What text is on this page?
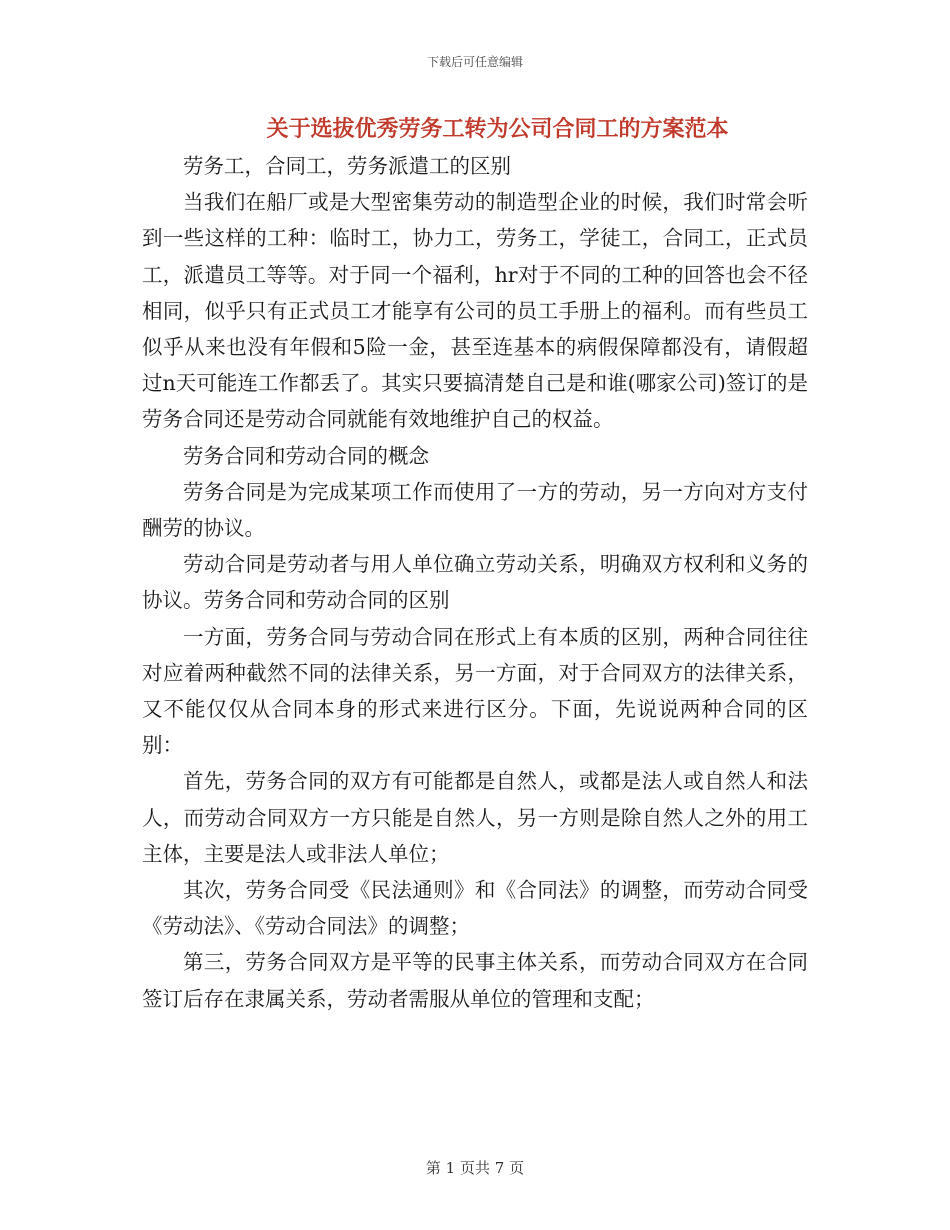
下载后可任意编辑
关于选拔优秀劳务工转为公司合同工的方案范本

劳务工，合同工，劳务派遣工的区别

当我们在船厂或是大型密集劳动的制造型企业的时候，我们时常会听到一些这样的工种：临时工，协力工，劳务工，学徒工，合同工，正式员工，派遣员工等等。对于同一个福利，hr对于不同的工种的回答也会不径相同，似乎只有正式员工才能享有公司的员工手册上的福利。而有些员工似乎从来也没有年假和5险一金，甚至连基本的病假保障都没有，请假超过n天可能连工作都丢了。其实只要搞清楚自己是和谁(哪家公司)签订的是劳务合同还是劳动合同就能有效地维护自己的权益。

劳务合同和劳动合同的概念

劳务合同是为完成某项工作而使用了一方的劳动，另一方向对方支付酬劳的协议。

劳动合同是劳动者与用人单位确立劳动关系，明确双方权利和义务的协议。劳务合同和劳动合同的区别

一方面，劳务合同与劳动合同在形式上有本质的区别，两种合同往往对应着两种截然不同的法律关系，另一方面，对于合同双方的法律关系，又不能仅仅从合同本身的形式来进行区分。下面，先说说两种合同的区别：

首先，劳务合同的双方有可能都是自然人，或都是法人或自然人和法人，而劳动合同双方一方只能是自然人，另一方则是除自然人之外的用工主体，主要是法人或非法人单位；

其次，劳务合同受《民法通则》和《合同法》的调整，而劳动合同受《劳动法》、《劳动合同法》的调整；

第三，劳务合同双方是平等的民事主体关系，而劳动合同双方在合同签订后存在隶属关系，劳动者需服从单位的管理和支配；

第 1 页共 7 页
